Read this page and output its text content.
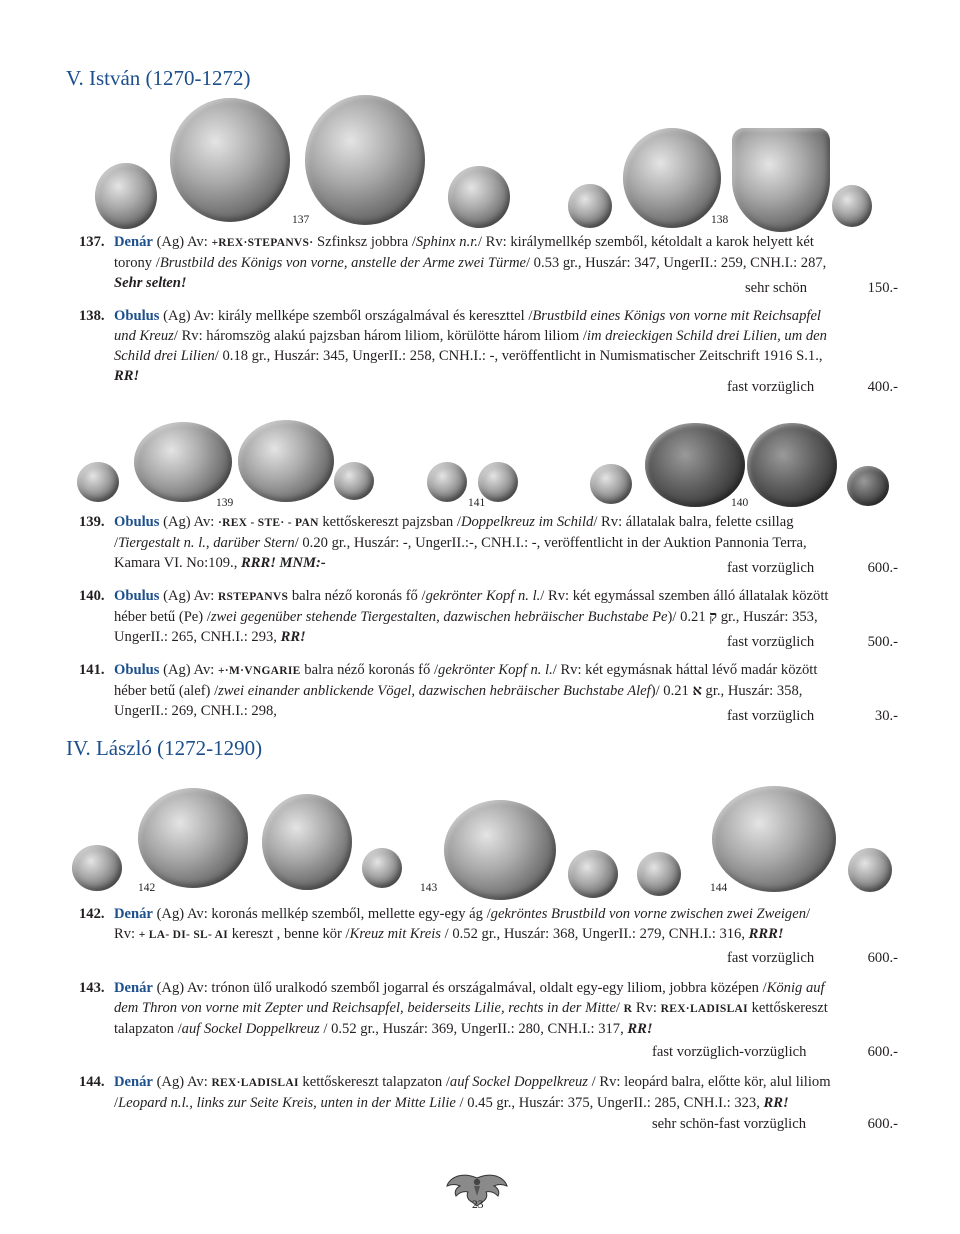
V. István (1270-1272)
137	138
137. Denár (Ag) Av: +REX·STEPANVS· Szfinksz jobbra /Sphinx n.r./ Rv: királymellkép szemből, kétoldalt a karok helyett két torony /Brustbild des Königs von vorne, anstelle der Arme zwei Türme/ 0.53 gr., Huszár: 347, UngerII.: 259, CNH.I.: 287, Sehr selten!	sehr schön	150.-
138. Obulus (Ag) Av: király mellképe szemből országalmával és kereszttel /Brustbild eines Königs von vorne mit Reichsapfel und Kreuz/ Rv: háromszög alakú pajzsban három liliom, körülötte három liliom /im dreieckigen Schild drei Lilien, um den Schild drei Lilien/ 0.18 gr., Huszár: 345, UngerII.: 258, CNH.I.: -, veröffentlicht in Numismatischer Zeitschrift 1916 S.1., RR!
fast vorzüglich	400.-
139	141	140
139. Obulus (Ag) Av: ·REX - STE· - PAN kettőskereszt pajzsban /Doppelkreuz im Schild/ Rv: állatalak balra, felette csillag /Tiergestalt n. l., darüber Stern/ 0.20 gr., Huszár: -, UngerII.:-, CNH.I.: -, veröffentlicht in der Auktion Pannonia Terra, Kamara VI. No:109., RRR! MNM:-	fast vorzüglich	600.-
140. Obulus (Ag) Av: RSTEPANVS balra néző koronás fő /gekrönter Kopf n. l./ Rv: két egymással szemben álló állatalak között héber betű (Pe) /zwei gegenüber stehende Tiergestalten, dazwischen hebräischer Buchstabe Pe)/ ק 0.21 gr., Huszár: 353, UngerII.: 265, CNH.I.: 293, RR!	fast vorzüglich	500.-
141. Obulus (Ag) Av: +·M·VNGARIE balra néző koronás fő /gekrönter Kopf n. l./ Rv: két egymásnak háttal lévő madár között héber betű (alef) /zwei einander anblickende Vögel, dazwischen hebräischer Buchstabe Alef)/ א 0.21 gr., Huszár: 358, UngerII.: 269, CNH.I.: 298,	fast vorzüglich	30.-
IV. László (1272-1290)
142	143	144
142. Denár (Ag) Av: koronás mellkép szemből, mellette egy-egy ág /gekröntes Brustbild von vorne zwischen zwei Zweigen/ Rv: + LA- DI- SL- AI kereszt , benne kör /Kreuz mit Kreis / 0.52 gr., Huszár: 368, UngerII.: 279, CNH.I.: 316, RRR!
fast vorzüglich	600.-
143. Denár (Ag) Av: trónon ülő uralkodó szemből jogarral és országalmával, oldalt egy-egy liliom, jobbra középen /König auf dem Thron von vorne mit Zepter und Reichsapfel, beiderseits Lilie, rechts in der Mitte/ R Rv: REX·LADISLAI kettőskereszt talapzaton /auf Sockel Doppelkreuz / 0.52 gr., Huszár: 369, UngerII.: 280, CNH.I.: 317, RR!
fast vorzüglich-vorzüglich	600.-
144. Denár (Ag) Av: REX·LADISLAI kettőskereszt talapzaton /auf Sockel Doppelkreuz / Rv: leopárd balra, előtte kör, alul liliom /Leopard n.l., links zur Seite Kreis, unten in der Mitte Lilie / 0.45 gr., Huszár: 375, UngerII.: 285, CNH.I.: 323, RR!
sehr schön-fast vorzüglich	600.-
23
